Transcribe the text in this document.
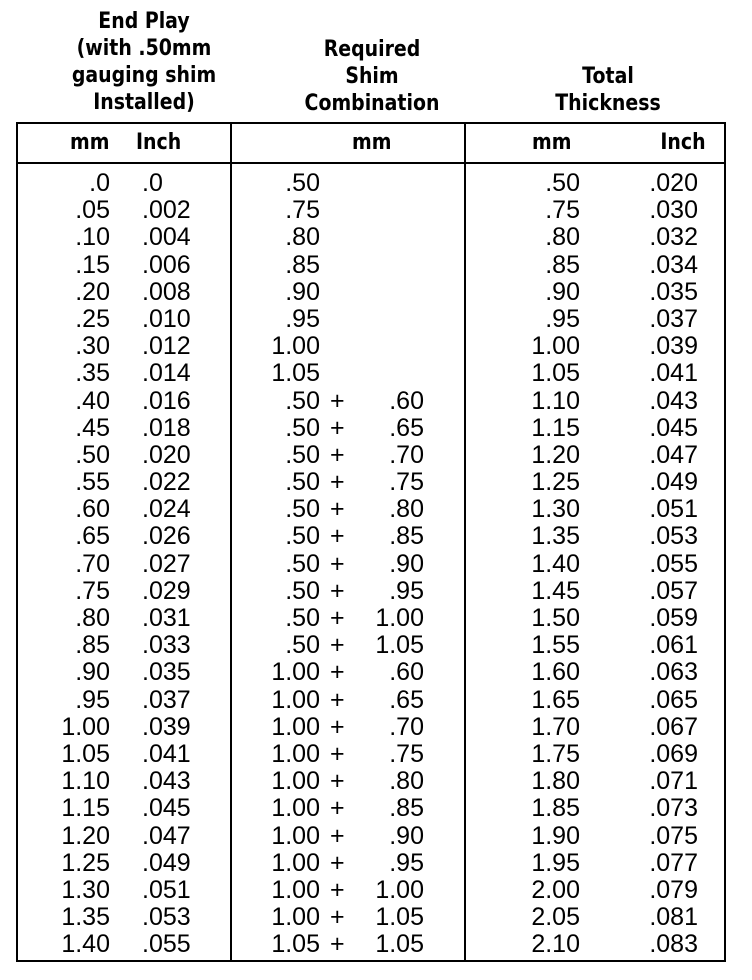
End Play
(with .50mm
gauging shim
Installed)
Required
Shim
Combination
Total
Thickness
mm Inch	mm	mm	Inch
.0 .0	.50	.50	.020
.05 .002	.75	.75	.030
.10 .004	.80	.80	.032
.15 .006	.85	.85	.034
.20 .008	.90	.90	.035
.25 .010	.95	.95	.037
.30 .012	1.00	1.00	.039
.35 .014	1.05	1.05	.041
.40 .016	.50 + .60	1.10	.043
.45 .018	.50 + .65	1.15	.045
.50 .020	.50 + .70	1.20	.047
.55 .022	.50 + .75	1.25	.049
.60 .024	.50 + .80	1.30	.051
.65 .026	.50 + .85	1.35	.053
.70 .027	.50 + .90	1.40	.055
.75 .029	.50 + .95	1.45	.057
.80 .031	.50 + 1.00	1.50	.059
.85 .033	.50 + 1.05	1.55	.061
.90 .035	1.00 + .60	1.60	.063
.95 .037	1.00 + .65	1.65	.065
1.00 .039	1.00 + .70	1.70	.067
1.05 .041	1.00 + .75	1.75	.069
1.10 .043	1.00 + .80	1.80	.071
1.15 .045	1.00 + .85	1.85	.073
1.20 .047	1.00 + .90	1.90	.075
1.25 .049	1.00 + .95	1.95	.077
1.30 .051	1.00 + 1.00	2.00	.079
1.35 .053	1.00 + 1.05	2.05	.081
1.40 .055	1.05 + 1.05	2.10	.083
